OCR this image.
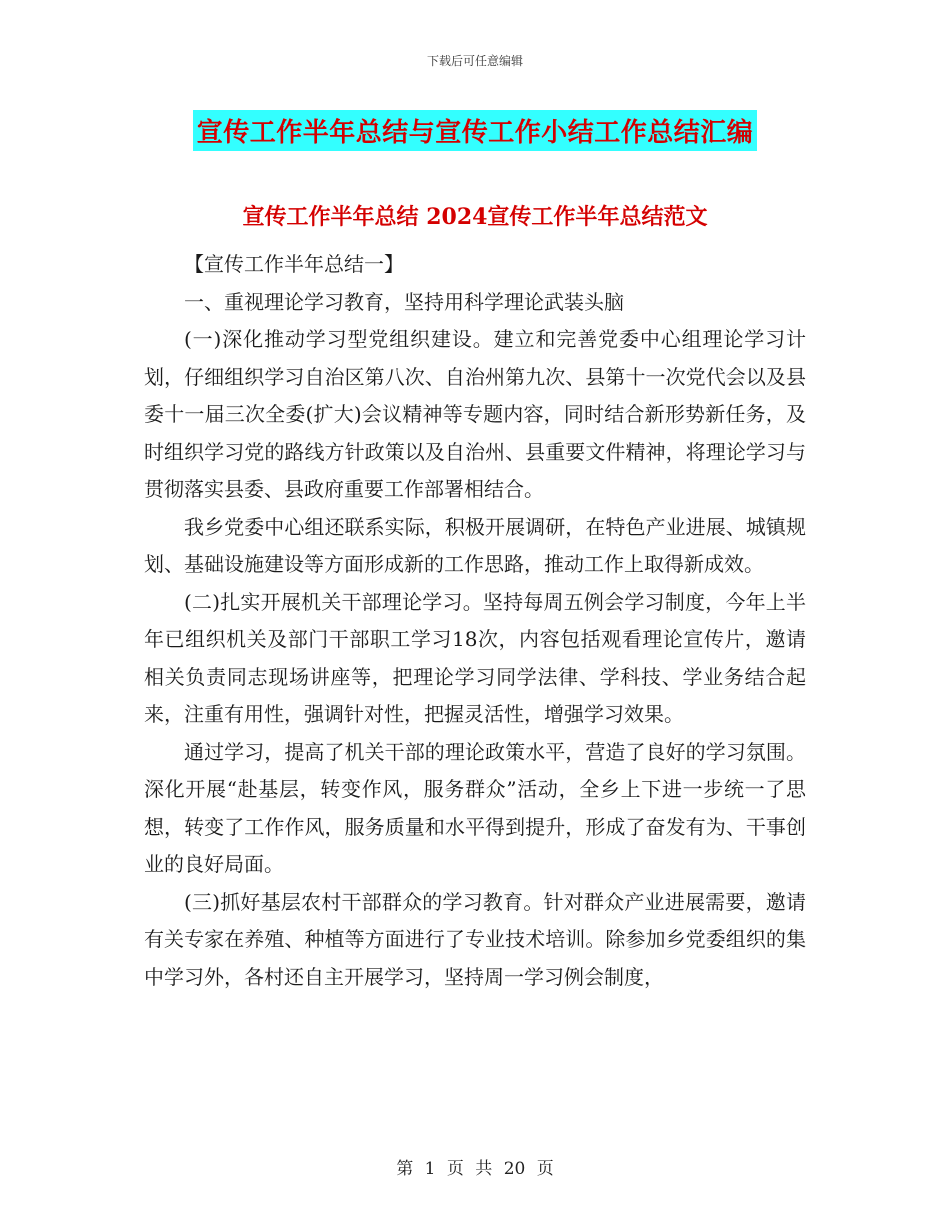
下载后可任意编辑
宣传工作半年总结与宣传工作小结工作总结汇编
宣传工作半年总结 2024宣传工作半年总结范文

【宣传工作半年总结一】

一、重视理论学习教育，坚持用科学理论武装头脑

(一)深化推动学习型党组织建设。建立和完善党委中心组理论学习计划，仔细组织学习自治区第八次、自治州第九次、县第十一次党代会以及县委十一届三次全委(扩大)会议精神等专题内容，同时结合新形势新任务，及时组织学习党的路线方针政策以及自治州、县重要文件精神，将理论学习与贯彻落实县委、县政府重要工作部署相结合。

我乡党委中心组还联系实际，积极开展调研，在特色产业进展、城镇规划、基础设施建设等方面形成新的工作思路，推动工作上取得新成效。

(二)扎实开展机关干部理论学习。坚持每周五例会学习制度，今年上半年已组织机关及部门干部职工学习18次，内容包括观看理论宣传片，邀请相关负责同志现场讲座等，把理论学习同学法律、学科技、学业务结合起来，注重有用性，强调针对性，把握灵活性，增强学习效果。

通过学习，提高了机关干部的理论政策水平，营造了良好的学习氛围。深化开展“赴基层，转变作风，服务群众”活动，全乡上下进一步统一了思想，转变了工作作风，服务质量和水平得到提升，形成了奋发有为、干事创业的良好局面。

(三)抓好基层农村干部群众的学习教育。针对群众产业进展需要，邀请有关专家在养殖、种植等方面进行了专业技术培训。除参加乡党委组织的集中学习外，各村还自主开展学习，坚持周一学习例会制度，

第 1 页 共 20 页
